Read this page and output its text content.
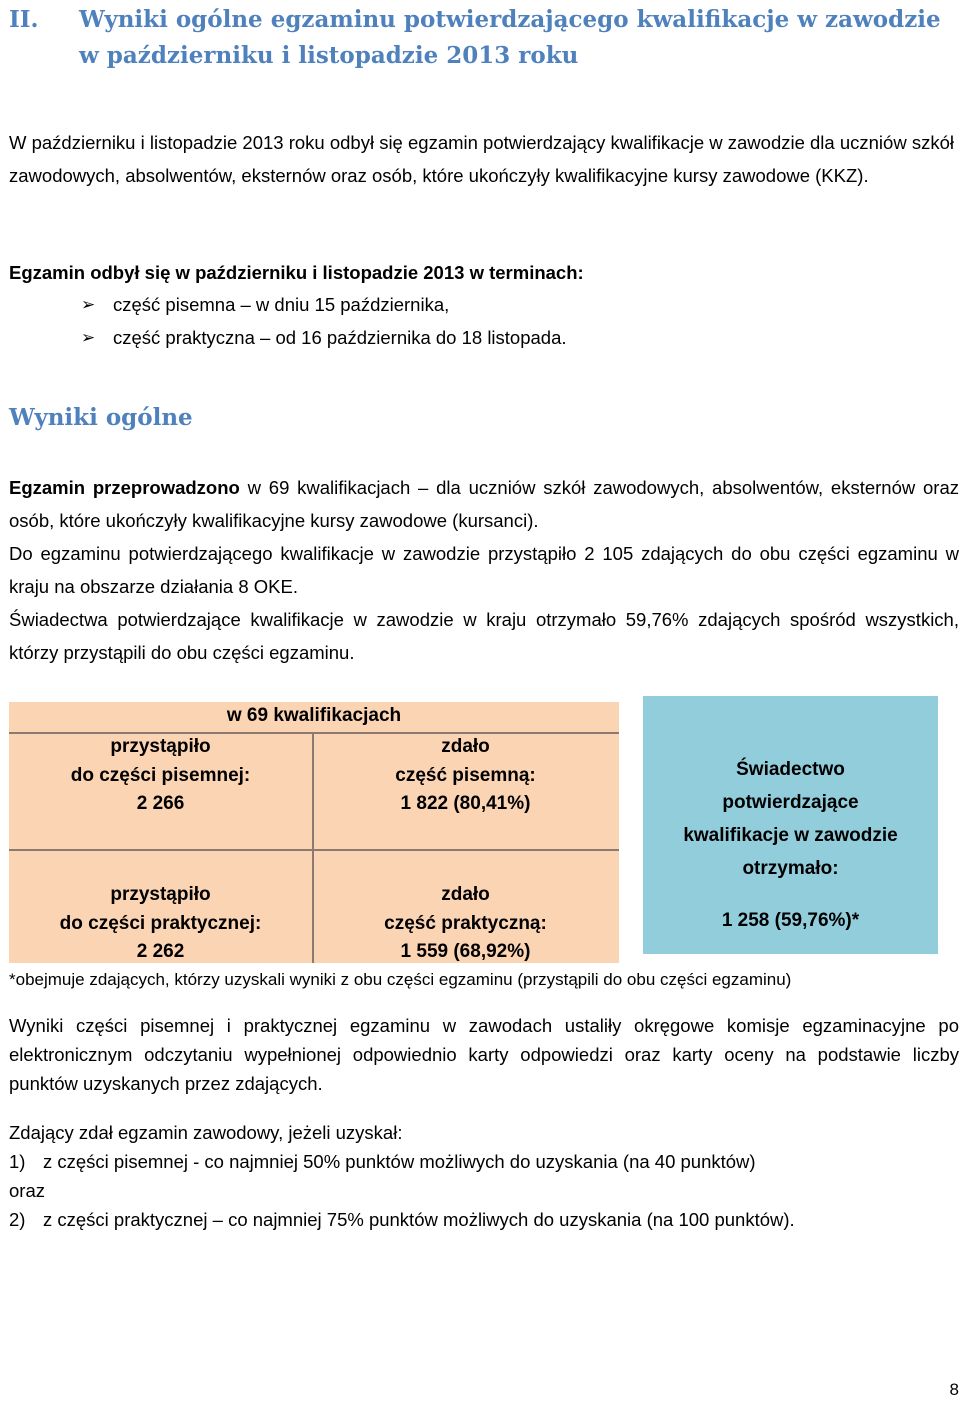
II. Wyniki ogólne egzaminu potwierdzającego kwalifikacje w zawodzie
w październiku i listopadzie 2013 roku
W październiku i listopadzie 2013 roku odbył się egzamin potwierdzający kwalifikacje w zawodzie dla uczniów szkół zawodowych, absolwentów, eksternów oraz osób, które ukończyły kwalifikacyjne kursy zawodowe (KKZ).
Egzamin odbył się w październiku i listopadzie 2013 w terminach:
➢ część pisemna – w dniu 15 października,
➢ część praktyczna – od 16 października do 18 listopada.
Wyniki ogólne
Egzamin przeprowadzono w 69 kwalifikacjach – dla uczniów szkół zawodowych, absolwentów, eksternów oraz osób, które ukończyły kwalifikacyjne kursy zawodowe (kursanci).
Do egzaminu potwierdzającego kwalifikacje w zawodzie przystąpiło 2 105 zdających do obu części egzaminu w kraju na obszarze działania 8 OKE.
Świadectwa potwierdzające kwalifikacje w zawodzie w kraju otrzymało 59,76% zdających spośród wszystkich, którzy przystąpili do obu części egzaminu.
w 69 kwalifikacjach
przystąpiło
do części pisemnej:
2 266
zdało
część pisemną:
1 822 (80,41%)
przystąpiło
do części praktycznej:
2 262
zdało
część praktyczną:
1 559 (68,92%)
Świadectwo
potwierdzające
kwalifikacje w zawodzie
otrzymało:
1 258 (59,76%)*
*obejmuje zdających, którzy uzyskali wyniki z obu części egzaminu (przystąpili do obu części egzaminu)
Wyniki części pisemnej i praktycznej egzaminu w zawodach ustaliły okręgowe komisje egzaminacyjne po elektronicznym odczytaniu wypełnionej odpowiednio karty odpowiedzi oraz karty oceny na podstawie liczby punktów uzyskanych przez zdających.
Zdający zdał egzamin zawodowy, jeżeli uzyskał:
1) z części pisemnej - co najmniej 50% punktów możliwych do uzyskania (na 40 punktów)
oraz
2) z części praktycznej – co najmniej 75% punktów możliwych do uzyskania (na 100 punktów).
8
